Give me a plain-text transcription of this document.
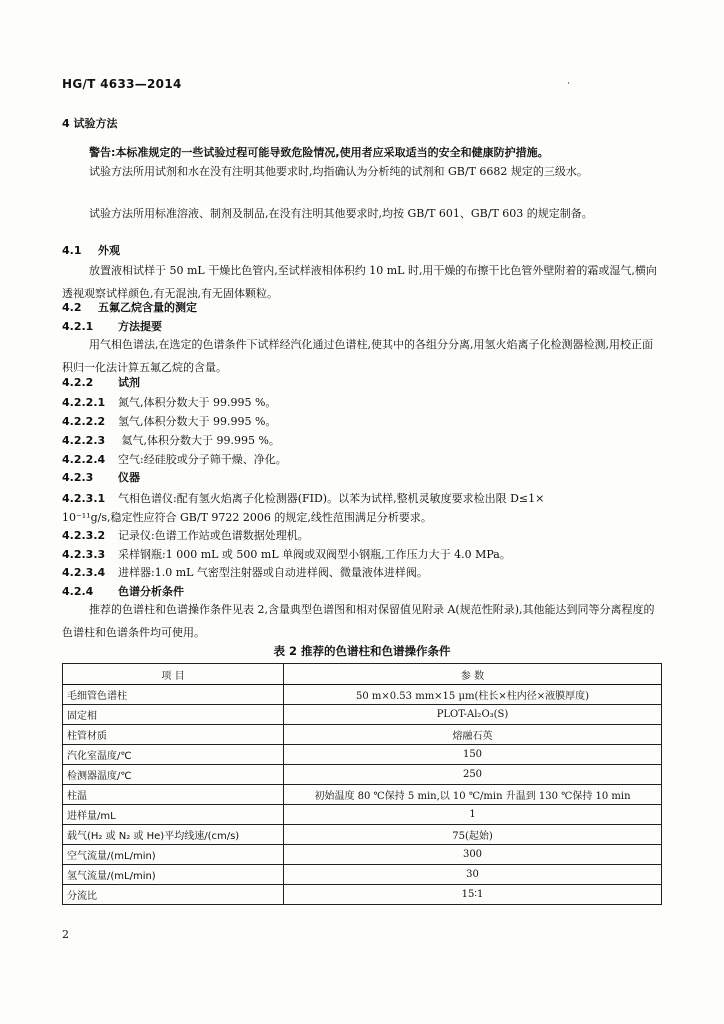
HG/T 4633—2014	·
4 试验方法
警告:本标准规定的一些试验过程可能导致危险情况,使用者应采取适当的安全和健康防护措施。
试验方法所用试剂和水在没有注明其他要求时,均指确认为分析纯的试剂和 GB/T 6682 规定的三级水。
试验方法所用标准溶液、制剂及制品,在没有注明其他要求时,均按 GB/T 601、GB/T 603 的规定制备。
4.1 外观
放置液相试样于 50 mL 干燥比色管内,至试样液相体积约 10 mL 时,用干燥的布擦干比色管外壁附着的霜或湿气,横向透视观察试样颜色,有无混浊,有无固体颗粒。
4.2 五氟乙烷含量的测定
4.2.1 方法提要
用气相色谱法,在选定的色谱条件下试样经汽化通过色谱柱,使其中的各组分分离,用氢火焰离子化检测器检测,用校正面积归一化法计算五氟乙烷的含量。
4.2.2 试剂
4.2.2.1 氮气,体积分数大于 99.995 %。
4.2.2.2 氢气,体积分数大于 99.995 %。
4.2.2.3 氦气,体积分数大于 99.995 %。
4.2.2.4 空气:经硅胶或分子筛干燥、净化。
4.2.3 仪器
4.2.3.1 气相色谱仪:配有氢火焰离子化检测器(FID)。以苯为试样,整机灵敏度要求检出限 D≤1×
10⁻¹¹g/s,稳定性应符合 GB/T 9722 2006 的规定,线性范围满足分析要求。
4.2.3.2 记录仪:色谱工作站或色谱数据处理机。
4.2.3.3 采样钢瓶:1 000 mL 或 500 mL 单阀或双阀型小钢瓶,工作压力大于 4.0 MPa。
4.2.3.4 进样器:1.0 mL 气密型注射器或自动进样阀、微量液体进样阀。
4.2.4 色谱分析条件
推荐的色谱柱和色谱操作条件见表 2,含量典型色谱图和相对保留值见附录 A(规范性附录),其他能达到同等分离程度的色谱柱和色谱条件均可使用。
表 2 推荐的色谱柱和色谱操作条件
项 目	参 数
毛细管色谱柱	50 m×0.53 mm×15 μm(柱长×柱内径×液膜厚度)
固定相	PLOT-Al₂O₃(S)
柱管材质	熔融石英
汽化室温度/℃	150
检测器温度/℃	250
柱温	初始温度 80 ℃保持 5 min,以 10 ℃/min 升温到 130 ℃保持 10 min
进样量/mL	1
载气(H₂ 或 N₂ 或 He)平均线速/(cm/s)	75(起始)
空气流量/(mL/min)	300
氢气流量/(mL/min)	30
分流比	15∶1
2
